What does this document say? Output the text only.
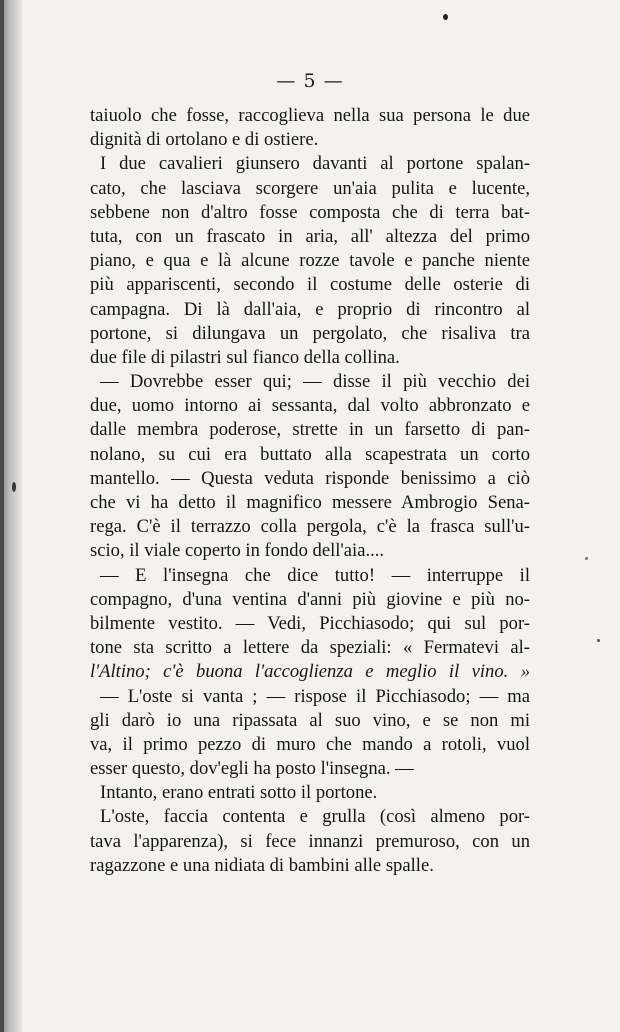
— 5 —
taiuolo che fosse, raccoglieva nella sua persona le due
dignità di ortolano e di ostiere.
I due cavalieri giunsero davanti al portone spalan-
cato, che lasciava scorgere un'aia pulita e lucente,
sebbene non d'altro fosse composta che di terra bat-
tuta, con un frascato in aria, all' altezza del primo
piano, e qua e là alcune rozze tavole e panche niente
più appariscenti, secondo il costume delle osterie di
campagna. Di là dall'aia, e proprio di rincontro al
portone, si dilungava un pergolato, che risaliva tra
due file di pilastri sul fianco della collina.
— Dovrebbe esser qui; — disse il più vecchio dei
due, uomo intorno ai sessanta, dal volto abbronzato e
dalle membra poderose, strette in un farsetto di pan-
nolano, su cui era buttato alla scapestrata un corto
mantello. — Questa veduta risponde benissimo a ciò
che vi ha detto il magnifico messere Ambrogio Sena-
rega. C'è il terrazzo colla pergola, c'è la frasca sull'u-
scio, il viale coperto in fondo dell'aia....
— E l'insegna che dice tutto! — interruppe il
compagno, d'una ventina d'anni più giovine e più no-
bilmente vestito. — Vedi, Picchiasodo; qui sul por-
tone sta scritto a lettere da speziali: « Fermatevi al-
l'Altino; c'è buona l'accoglienza e meglio il vino. »
— L'oste si vanta ; — rispose il Picchiasodo; — ma
gli darò io una ripassata al suo vino, e se non mi
va, il primo pezzo di muro che mando a rotoli, vuol
esser questo, dov'egli ha posto l'insegna. —
Intanto, erano entrati sotto il portone.
L'oste, faccia contenta e grulla (così almeno por-
tava l'apparenza), si fece innanzi premuroso, con un
ragazzone e una nidiata di bambini alle spalle.
